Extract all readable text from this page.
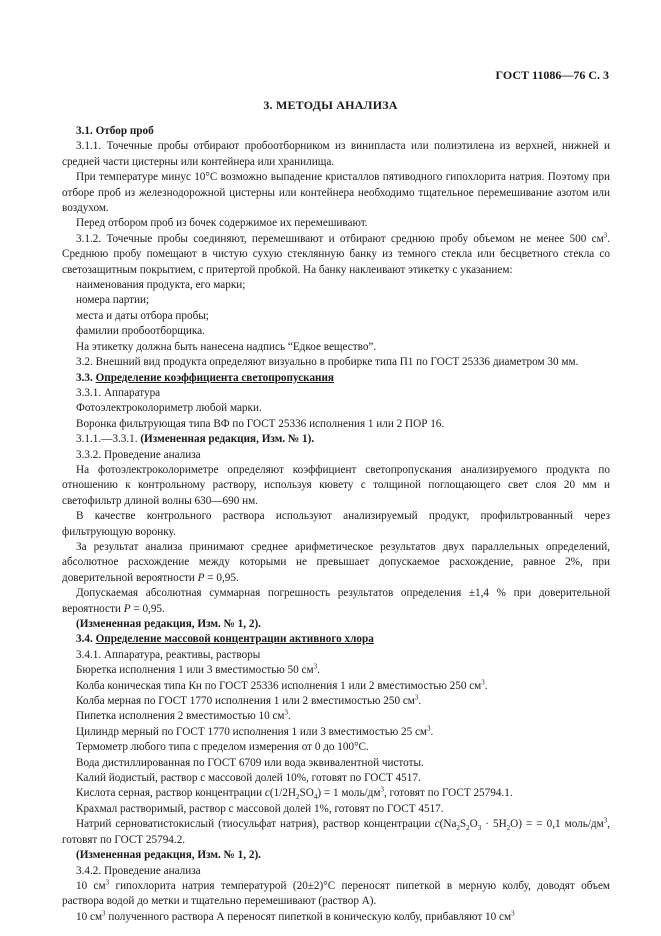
ГОСТ 11086—76 С. 3
3. МЕТОДЫ АНАЛИЗА

3.1. Отбор проб

3.1.1. Точечные пробы отбирают пробоотборником из винипласта или полиэтилена из верхней, нижней и средней части цистерны или контейнера или хранилища.

При температуре минус 10°С возможно выпадение кристаллов пятиводного гипохлорита натрия. Поэтому при отборе проб из железнодорожной цистерны или контейнера необходимо тщательное перемешивание азотом или воздухом.

Перед отбором проб из бочек содержимое их перемешивают.

3.1.2. Точечные пробы соединяют, перемешивают и отбирают среднюю пробу объемом не менее 500 $см^3$. Среднюю пробу помещают в чистую сухую стеклянную банку из темного стекла или бесцветного стекла со светозащитным покрытием, с притертой пробкой. На банку наклеивают этикетку с указанием:

наименования продукта, его марки;

номера партии;

места и даты отбора пробы;

фамилии пробоотборщика.

На этикетку должна быть нанесена надпись “Едкое вещество”.

3.2. Внешний вид продукта определяют визуально в пробирке типа П1 по ГОСТ 25336 диаметром 30 мм.

3.3. Определение коэффициента светопропускания

3.3.1. Аппаратура

Фотоэлектроколориметр любой марки.

Воронка фильтрующая типа ВФ по ГОСТ 25336 исполнения 1 или 2 ПОР 16.

3.1.1.—3.3.1. (Измененная редакция, Изм. № 1).

3.3.2. Проведение анализа

На фотоэлектроколориметре определяют коэффициент светопропускания анализируемого продукта по отношению к контрольному раствору, используя кювету с толщиной поглощающего свет слоя 20 мм и светофильтр длиной волны 630—690 нм.

В качестве контрольного раствора используют анализируемый продукт, профильтрованный через фильтрующую воронку.

За результат анализа принимают среднее арифметическое результатов двух параллельных определений, абсолютное расхождение между которыми не превышает допускаемое расхождение, равное 2%, при доверительной вероятности P = 0,95.

Допускаемая абсолютная суммарная погрешность результатов определения ±1,4 % при доверительной вероятности P = 0,95.

(Измененная редакция, Изм. № 1, 2).

3.4. Определение массовой концентрации активного хлора

3.4.1. Аппаратура, реактивы, растворы

Бюретка исполнения 1 или 3 вместимостью 50 $см^3$.

Колба коническая типа Кн по ГОСТ 25336 исполнения 1 или 2 вместимостью 250 $см^3$.

Колба мерная по ГОСТ 1770 исполнения 1 или 2 вместимостью 250 $см^3$.

Пипетка исполнения 2 вместимостью 10 $см^3$.

Цилиндр мерный по ГОСТ 1770 исполнения 1 или 3 вместимостью 25 $см^3$.

Термометр любого типа с пределом измерения от 0 до 100°С.

Вода дистиллированная по ГОСТ 6709 или вода эквивалентной чистоты.

Калий йодистый, раствор с массовой долей 10%, готовят по ГОСТ 4517.

Кислота серная, раствор концентрации $c(1/2H_2SO_4) = 1$ моль/$дм^3$, готовят по ГОСТ 25794.1.

Крахмал растворимый, раствор с массовой долей 1%, готовят по ГОСТ 4517.

Натрий серноватистокислый (тиосульфат натрия), раствор концентрации $c(Na_2S_2O_3 \cdot 5H_2O)$ = = 0,1 моль/$дм^3$, готовят по ГОСТ 25794.2.

(Измененная редакция, Изм. № 1, 2).

3.4.2. Проведение анализа

10 $см^3$ гипохлорита натрия температурой (20±2)°С переносят пипеткой в мерную колбу, доводят объем раствора водой до метки и тщательно перемешивают (раствор А).

10 $см^3$ полученного раствора А переносят пипеткой в коническую колбу, прибавляют 10 $см^3$
